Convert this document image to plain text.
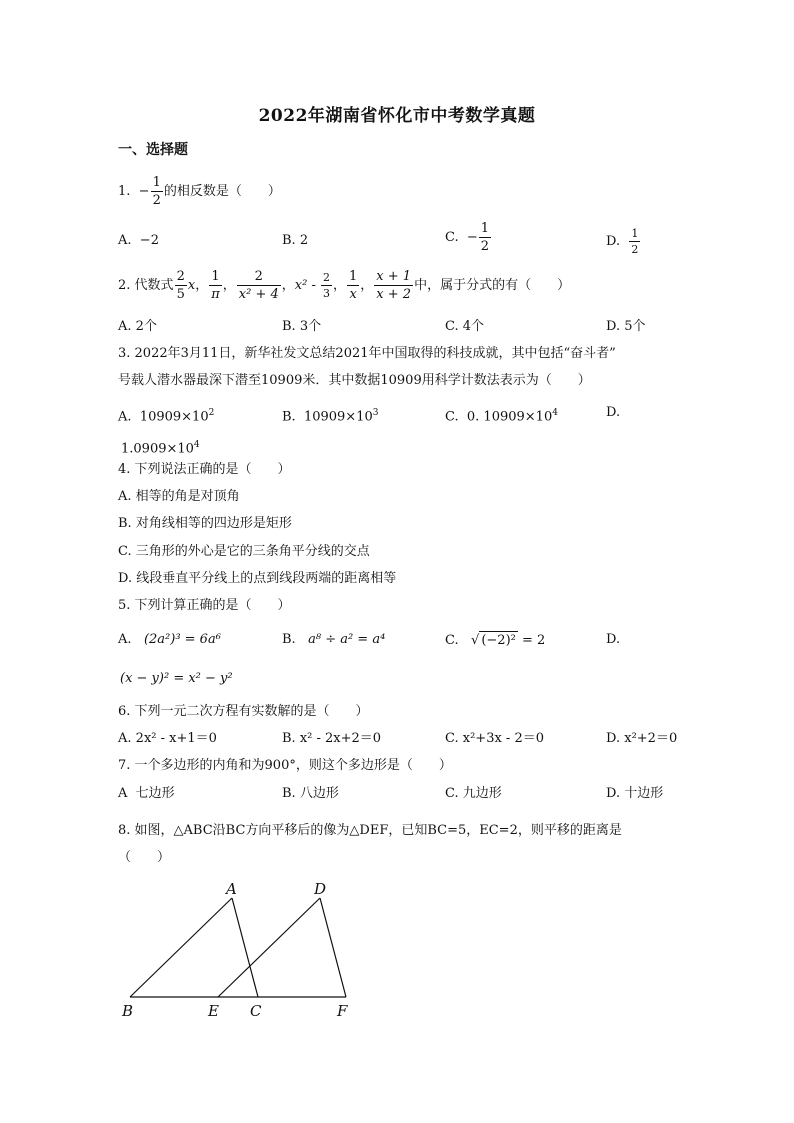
2022年湖南省怀化市中考数学真题
一、选择题
1. − $\frac{1}{2}$ 的相反数是（　　）
A. −2	B. 2	C. − $\frac{1}{2}$	D. $\frac{1}{2}$
2. 代数式 $\frac{2}{5}$ x， $\frac{1}{\pi}$ ， $\frac{2}{\text{x² + 4}}$ ，$x^2 - \frac{2}{3}$ ， $\frac{1}{x}$ ， $\frac{x + 1}{x + 2}$ 中，属于分式的有（　　）
A. 2个	B. 3个	C. 4个	D. 5个
3. 2022年3月11日，新华社发文总结2021年中国取得的科技成就，其中包括“奋斗者”
号载人潜水器最深下潜至10909米．其中数据10909用科学计数法表示为（　　）
A. $10909\times 10^2$	B. $10909\times 10^3$	C. 0. $10909\times 10^4$	D.
$1.0909\times 10^4$
4. 下列说法正确的是（　　）
A. 相等的角是对顶角
B. 对角线相等的四边形是矩形
C. 三角形的外心是它的三条角平分线的交点
D. 线段垂直平分线上的点到线段两端的距离相等
5. 下列计算正确的是（　　）
A. (2a²)³ = 6a⁶	B. a⁸ ÷ a² = a⁴	C. √ (−2)² = 2	D.
(x − y)² = x² − y²
6. 下列一元二次方程有实数解的是（　　）
A. 2x² - x+1＝0	B. x² - 2x+2＝0	C. x²+3x - 2＝0	D. x²+2＝0
7. 一个多边形的内角和为900°，则这个多边形是（　　）
A 七边形	B. 八边形	C. 九边形	D. 十边形
8. 如图，△ABC沿BC方向平移后的像为△DEF，已知BC=5，EC=2，则平移的距离是
（　　）
A	D
B	E C	F
